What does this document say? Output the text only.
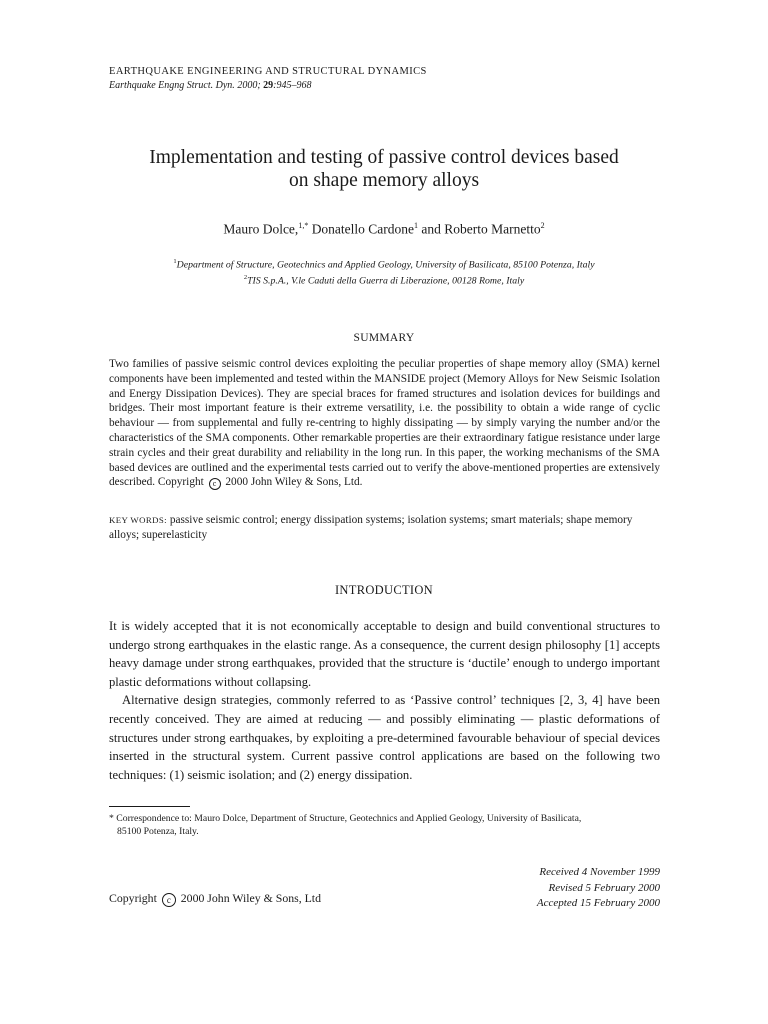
EARTHQUAKE ENGINEERING AND STRUCTURAL DYNAMICS
Earthquake Engng Struct. Dyn. 2000; 29:945–968
Implementation and testing of passive control devices based
on shape memory alloys
Mauro Dolce,$^{1,*}$ Donatello Cardone$^1$ and Roberto Marnetto$^2$
$^1$Department of Structure, Geotechnics and Applied Geology, University of Basilicata, 85100 Potenza, Italy
$^2$TIS S.p.A., V.le Caduti della Guerra di Liberazione, 00128 Rome, Italy
SUMMARY
Two families of passive seismic control devices exploiting the peculiar properties of shape memory alloy (SMA) kernel components have been implemented and tested within the MANSIDE project (Memory Alloys for New Seismic Isolation and Energy Dissipation Devices). They are special braces for framed structures and isolation devices for buildings and bridges. Their most important feature is their extreme versatility, i.e. the possibility to obtain a wide range of cyclic behaviour — from supplemental and fully re-centring to highly dissipating — by simply varying the number and/or the characteristics of the SMA components. Other remarkable properties are their extraordinary fatigue resistance under large strain cycles and their great durability and reliability in the long run. In this paper, the working mechanisms of the SMA based devices are outlined and the experimental tests carried out to verify the above-mentioned properties are extensively described. Copyright c 2000 John Wiley & Sons, Ltd.
KEY WORDS: passive seismic control; energy dissipation systems; isolation systems; smart materials; shape memory alloys; superelasticity
INTRODUCTION

It is widely accepted that it is not economically acceptable to design and build conventional structures to undergo strong earthquakes in the elastic range. As a consequence, the current design philosophy [1] accepts heavy damage under strong earthquakes, provided that the structure is ‘ductile’ enough to undergo important plastic deformations without collapsing.

Alternative design strategies, commonly referred to as ‘Passive control’ techniques [2, 3, 4] have been recently conceived. They are aimed at reducing — and possibly eliminating — plastic deformations of structures under strong earthquakes, by exploiting a pre-determined favourable behaviour of special devices inserted in the structural system. Current passive control applications are based on the following two techniques: (1) seismic isolation; and (2) energy dissipation.

* Correspondence to: Mauro Dolce, Department of Structure, Geotechnics and Applied Geology, University of Basilicata,
85100 Potenza, Italy.
Received 4 November 1999
Revised 5 February 2000
Accepted 15 February 2000
Copyright c 2000 John Wiley & Sons, Ltd
